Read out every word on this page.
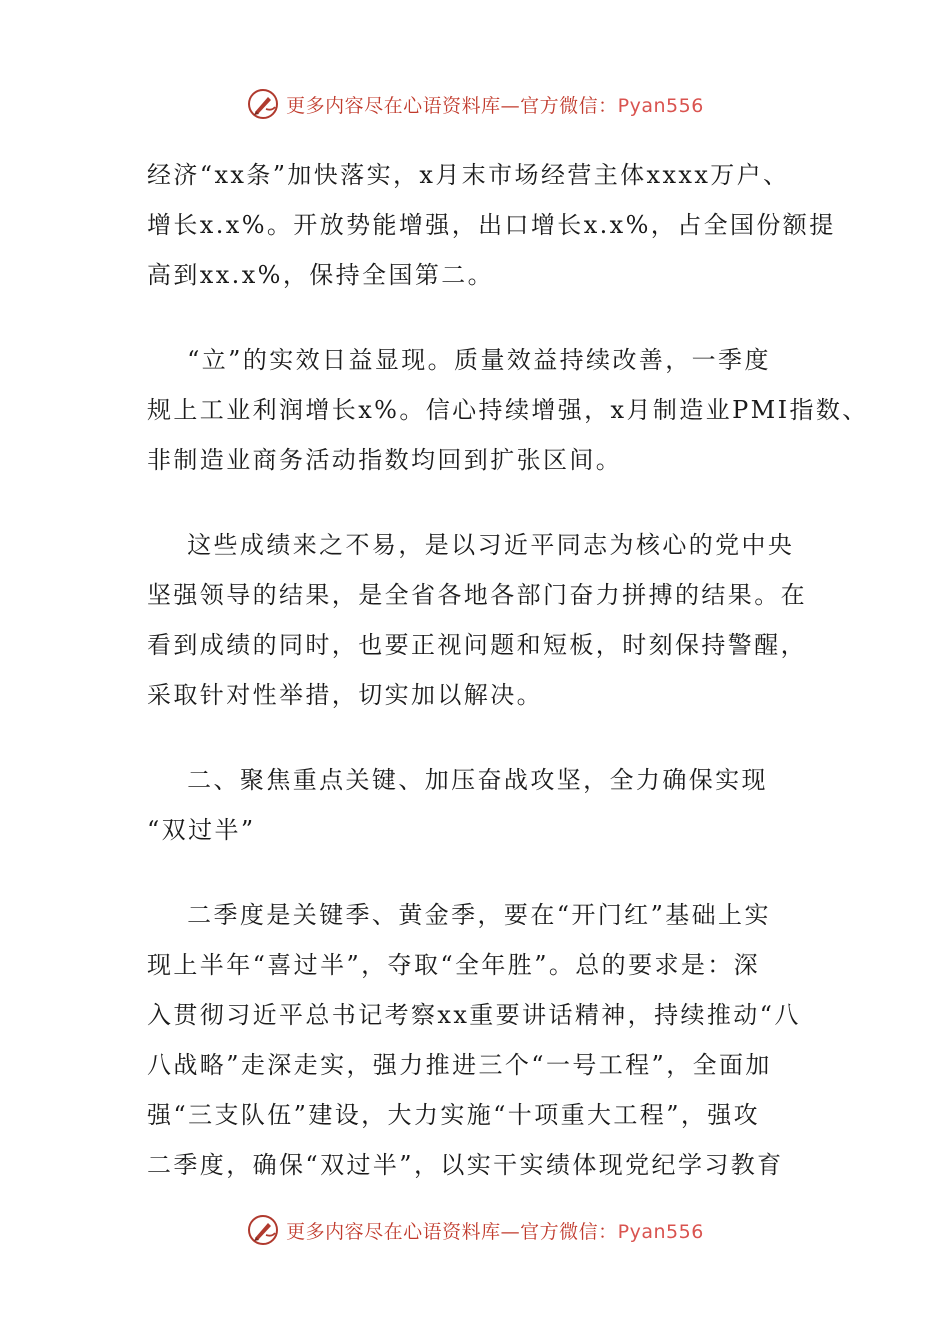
更多内容尽在心语资料库—官方微信：Pyan556
经济“xx条”加快落实，x月末市场经营主体xxxx万户、
增长x.x%。开放势能增强，出口增长x.x%，占全国份额提
高到xx.x%，保持全国第二。
“立”的实效日益显现。质量效益持续改善，一季度
规上工业利润增长x%。信心持续增强，x月制造业PMI指数、
非制造业商务活动指数均回到扩张区间。
这些成绩来之不易，是以习近平同志为核心的党中央
坚强领导的结果，是全省各地各部门奋力拼搏的结果。在
看到成绩的同时，也要正视问题和短板，时刻保持警醒，
采取针对性举措，切实加以解决。
二、聚焦重点关键、加压奋战攻坚，全力确保实现
“双过半”
二季度是关键季、黄金季，要在“开门红”基础上实
现上半年“喜过半”，夺取“全年胜”。总的要求是：深
入贯彻习近平总书记考察xx重要讲话精神，持续推动“八
八战略”走深走实，强力推进三个“一号工程”，全面加
强“三支队伍”建设，大力实施“十项重大工程”，强攻
二季度，确保“双过半”，以实干实绩体现党纪学习教育
更多内容尽在心语资料库—官方微信：Pyan556
